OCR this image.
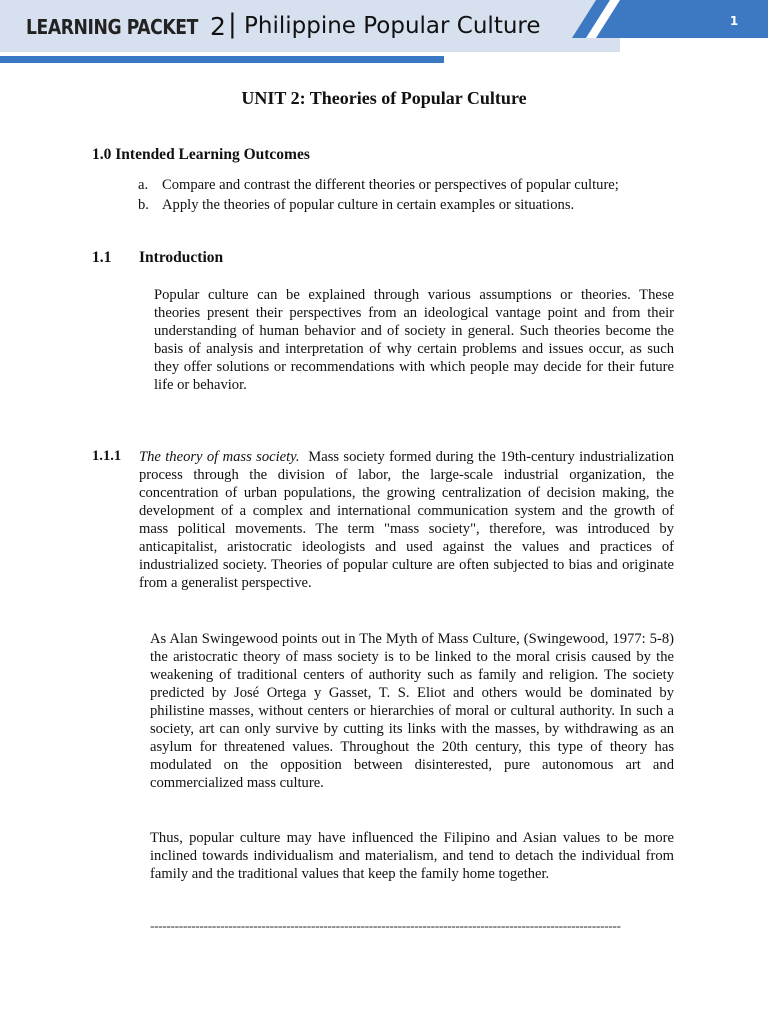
LEARNING PACKET 2 | Philippine Popular Culture	1
UNIT 2: Theories of Popular Culture
1.0 Intended Learning Outcomes
a. Compare and contrast the different theories or perspectives of popular culture;
b. Apply the theories of popular culture in certain examples or situations.
1.1 Introduction

Popular culture can be explained through various assumptions or theories. These theories present their perspectives from an ideological vantage point and from their understanding of human behavior and of society in general. Such theories become the basis of analysis and interpretation of why certain problems and issues occur, as such they offer solutions or recommendations with which people may decide for their future life or behavior.

1.1.1 The theory of mass society. Mass society formed during the 19th-century industrialization process through the division of labor, the large-scale industrial organization, the concentration of urban populations, the growing centralization of decision making, the development of a complex and international communication system and the growth of mass political movements. The term "mass society", therefore, was introduced by anticapitalist, aristocratic ideologists and used against the values and practices of industrialized society. Theories of popular culture are often subjected to bias and originate from a generalist perspective.

As Alan Swingewood points out in The Myth of Mass Culture, (Swingewood, 1977: 5-8) the aristocratic theory of mass society is to be linked to the moral crisis caused by the weakening of traditional centers of authority such as family and religion. The society predicted by José Ortega y Gasset, T. S. Eliot and others would be dominated by philistine masses, without centers or hierarchies of moral or cultural authority. In such a society, art can only survive by cutting its links with the masses, by withdrawing as an asylum for threatened values. Throughout the 20th century, this type of theory has modulated on the opposition between disinterested, pure autonomous art and commercialized mass culture.

Thus, popular culture may have influenced the Filipino and Asian values to be more inclined towards individualism and materialism, and tend to detach the individual from family and the traditional values that keep the family home together.

------------------------------------------------------------------------------------------------------------------
